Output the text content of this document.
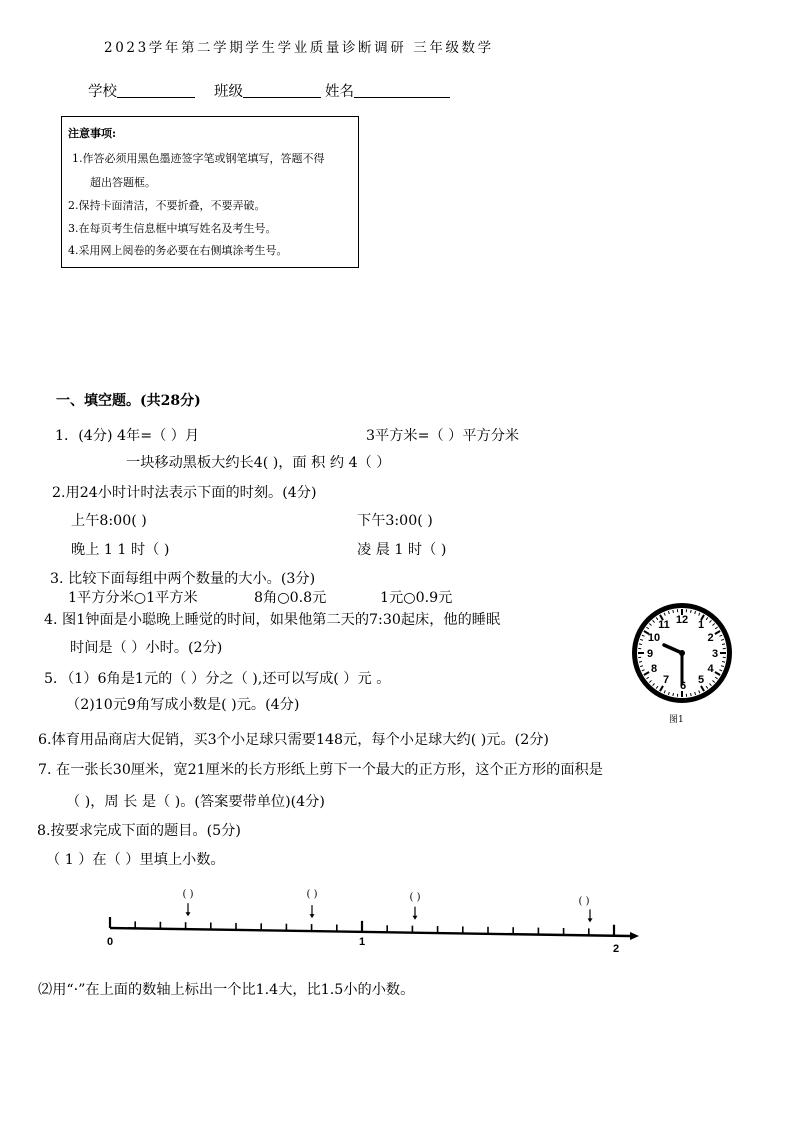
2023学年第二学期学生学业质量诊断调研 三年级数学
学校	班级	姓名
注意事项:
1.作答必须用黑色墨迹签字笔或钢笔填写，答题不得
超出答题框。
2.保持卡面清洁，不要折叠，不要弄破。
3.在每页考生信息框中填写姓名及考生号。
4.采用网上阅卷的务必要在右侧填涂考生号。
一、填空题。(共28分)
1．(4分) 4年=（ ）月	3平方米=（ ）平方分米
一块移动黑板大约长4( )，面 积 约 4（ ）
2.用24小时计时法表示下面的时刻。(4分)
上午8:00( )	下午3:00( )
晚上 1 1 时（ )	凌 晨 1 时（ )
3. 比较下面每组中两个数量的大小。(3分)
1平方分米○1平方米	8角○0.8元	1元○0.9元
4. 图1钟面是小聪晚上睡觉的时间，如果他第二天的7:30起床，他的睡眠
时间是（ ）小时。(2分)
5．（1）6角是1元的（ ）分之（ ),还可以写成( ）元 。
（2)10元9角写成小数是( )元。(4分)
1
2
3
4
5
6
7
8
9
10
11 12
图1
6.体育用品商店大促销，买3个小足球只需要148元，每个小足球大约( )元。(2分)
7. 在一张长30厘米，宽21厘米的长方形纸上剪下一个最大的正方形，这个正方形的面积是
（ )，周 长 是（ )。(答案要带单位)(4分)
8.按要求完成下面的题目。(5分)
（ 1 ）在（ ）里填上小数。
0	1
2
( )	( )	( )	( )
⑵用“·”在上面的数轴上标出一个比1.4大，比1.5小的小数。
